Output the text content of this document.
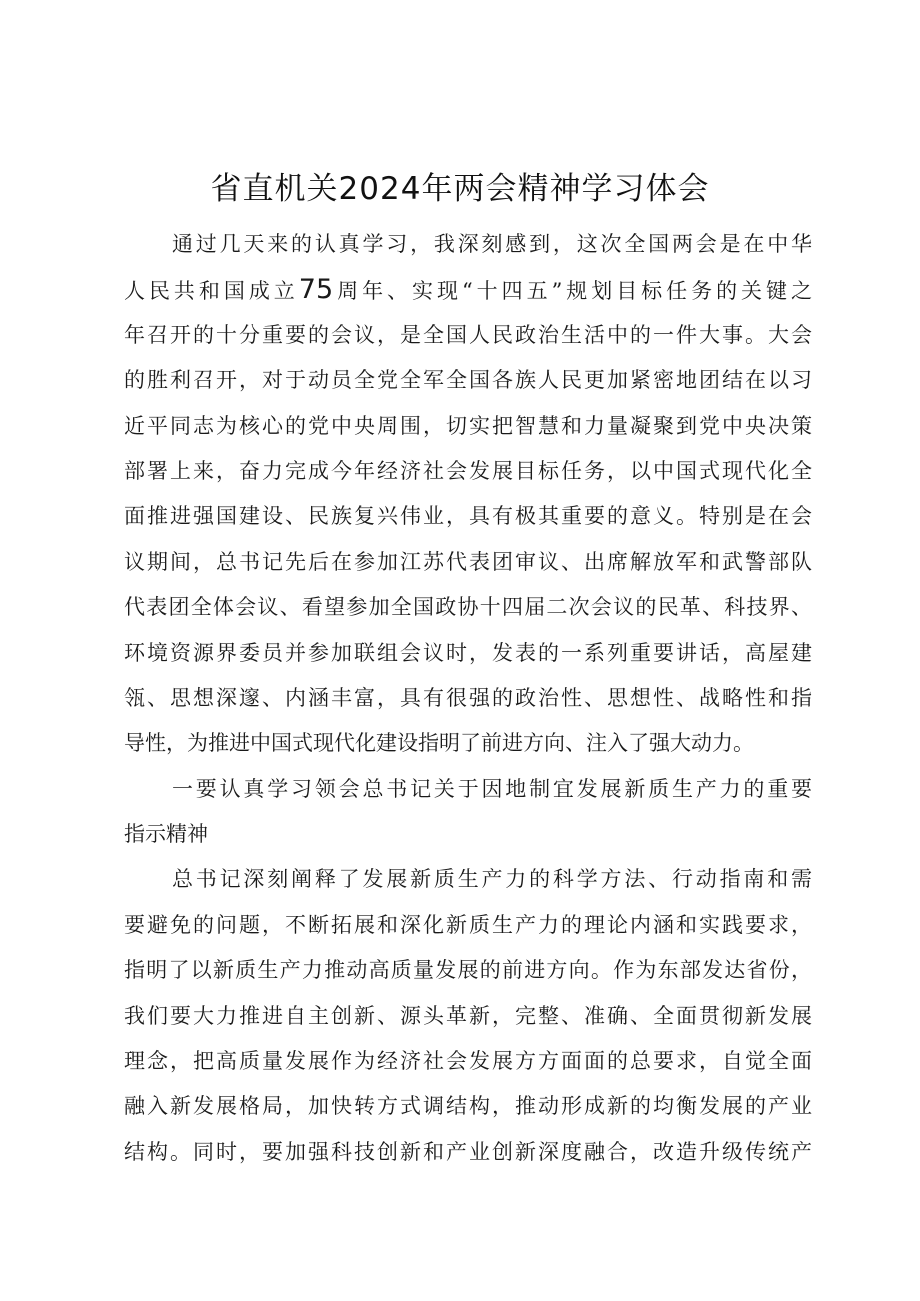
省直机关2024年两会精神学习体会
通过几天来的认真学习，我深刻感到，这次全国两会是在中华
人民共和国成立75周年、实现“十四五”规划目标任务的关键之
年召开的十分重要的会议，是全国人民政治生活中的一件大事。大会
的胜利召开，对于动员全党全军全国各族人民更加紧密地团结在以习
近平同志为核心的党中央周围，切实把智慧和力量凝聚到党中央决策
部署上来，奋力完成今年经济社会发展目标任务，以中国式现代化全
面推进强国建设、民族复兴伟业，具有极其重要的意义。特别是在会
议期间，总书记先后在参加江苏代表团审议、出席解放军和武警部队
代表团全体会议、看望参加全国政协十四届二次会议的民革、科技界、
环境资源界委员并参加联组会议时，发表的一系列重要讲话，高屋建
瓴、思想深邃、内涵丰富，具有很强的政治性、思想性、战略性和指
导性，为推进中国式现代化建设指明了前进方向、注入了强大动力。
一要认真学习领会总书记关于因地制宜发展新质生产力的重要
指示精神
总书记深刻阐释了发展新质生产力的科学方法、行动指南和需
要避免的问题，不断拓展和深化新质生产力的理论内涵和实践要求，
指明了以新质生产力推动高质量发展的前进方向。作为东部发达省份，
我们要大力推进自主创新、源头革新，完整、准确、全面贯彻新发展
理念，把高质量发展作为经济社会发展方方面面的总要求，自觉全面
融入新发展格局，加快转方式调结构，推动形成新的均衡发展的产业
结构。同时，要加强科技创新和产业创新深度融合，改造升级传统产
